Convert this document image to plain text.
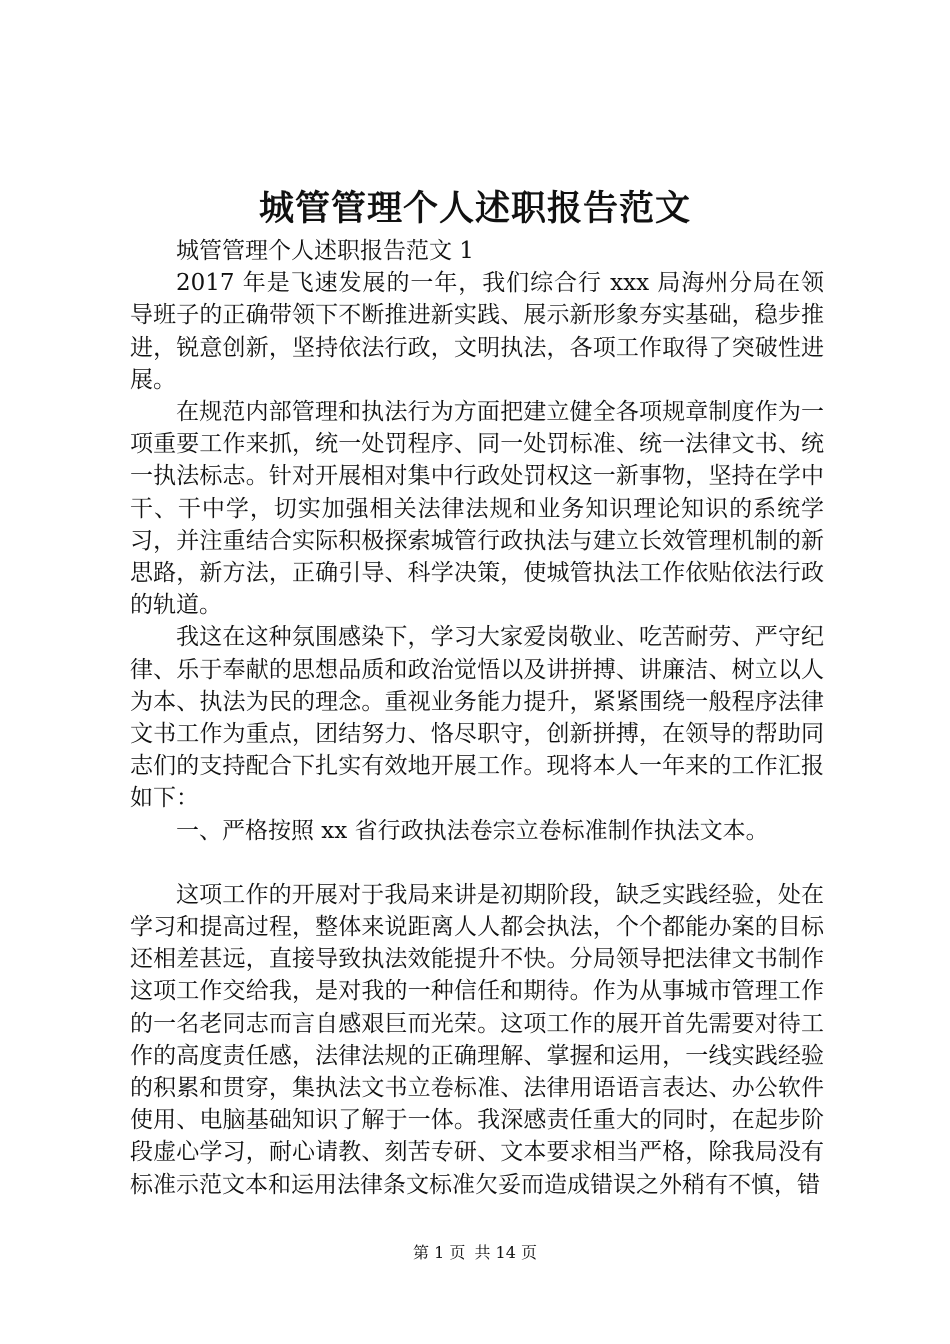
城管管理个人述职报告范文

城管管理个人述职报告范文 1

2017 年是飞速发展的一年，我们综合行 xxx 局海州分局在领导班子的正确带领下不断推进新实践、展示新形象夯实基础，稳步推进，锐意创新，坚持依法行政，文明执法，各项工作取得了突破性进展。

在规范内部管理和执法行为方面把建立健全各项规章制度作为一项重要工作来抓，统一处罚程序、同一处罚标准、统一法律文书、统一执法标志。针对开展相对集中行政处罚权这一新事物，坚持在学中干、干中学，切实加强相关法律法规和业务知识理论知识的系统学习，并注重结合实际积极探索城管行政执法与建立长效管理机制的新思路，新方法，正确引导、科学决策，使城管执法工作依贴依法行政的轨道。

我这在这种氛围感染下，学习大家爱岗敬业、吃苦耐劳、严守纪律、乐于奉献的思想品质和政治觉悟以及讲拼搏、讲廉洁、树立以人为本、执法为民的理念。重视业务能力提升，紧紧围绕一般程序法律文书工作为重点，团结努力、恪尽职守，创新拼搏，在领导的帮助同志们的支持配合下扎实有效地开展工作。现将本人一年来的工作汇报如下：

一、严格按照 xx 省行政执法卷宗立卷标准制作执法文本。

这项工作的开展对于我局来讲是初期阶段，缺乏实践经验，处在学习和提高过程，整体来说距离人人都会执法，个个都能办案的目标还相差甚远，直接导致执法效能提升不快。分局领导把法律文书制作这项工作交给我，是对我的一种信任和期待。作为从事城市管理工作的一名老同志而言自感艰巨而光荣。这项工作的展开首先需要对待工作的高度责任感，法律法规的正确理解、掌握和运用，一线实践经验的积累和贯穿，集执法文书立卷标准、法律用语语言表达、办公软件使用、电脑基础知识了解于一体。我深感责任重大的同时，在起步阶段虚心学习，耐心请教、刻苦专研、文本要求相当严格，除我局没有标准示范文本和运用法律条文标准欠妥而造成错误之外稍有不慎，错

第 1 页 共 14 页
